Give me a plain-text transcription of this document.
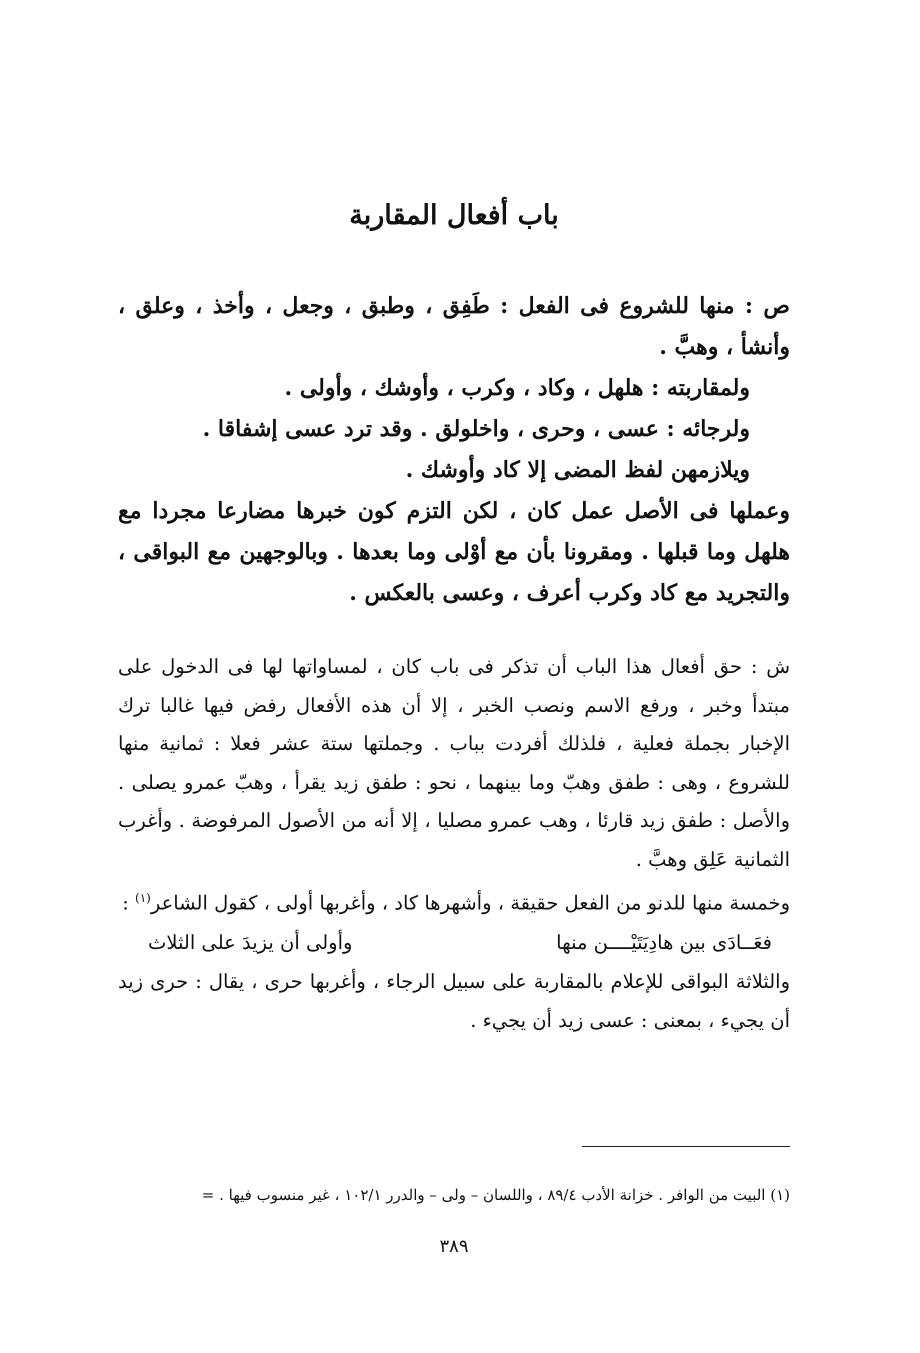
باب أفعال المقاربة

ص : منها للشروع فى الفعل : طَفِق ، وطبق ، وجعل ، وأخذ ، وعلق ، وأنشأ ، وهبَّ .

ولمقاربته : هلهل ، وكاد ، وكرب ، وأوشك ، وأولى .

ولرجائه : عسى ، وحرى ، واخلولق . وقد ترد عسى إشفاقا .

ويلازمهن لفظ المضى إلا كاد وأوشك .

وعملها فى الأصل عمل كان ، لكن التزم كون خبرها مضارعا مجردا مع هلهل وما قبلها . ومقرونا بأن مع أوْلى وما بعدها . وبالوجهين مع البواقى ، والتجريد مع كاد وكرب أعرف ، وعسى بالعكس .

ش : حق أفعال هذا الباب أن تذكر فى باب كان ، لمساواتها لها فى الدخول على مبتدأ وخبر ، ورفع الاسم ونصب الخبر ، إلا أن هذه الأفعال رفض فيها غالبا ترك الإخبار بجملة فعلية ، فلذلك أفردت بباب . وجملتها ستة عشر فعلا : ثمانية منها للشروع ، وهى : طفق وهبّ وما بينهما ، نحو : طفق زيد يقرأ ، وهبّ عمرو يصلى . والأصل : طفق زيد قارئا ، وهب عمرو مصليا ، إلا أنه من الأصول المرفوضة . وأغرب الثمانية عَلِق وهبَّ .

وخمسة منها للدنو من الفعل حقيقة ، وأشهرها كاد ، وأغربها أولى ، كقول الشاعر$^{(١)}$ :

فعَــادَى بين هادِيَتَيْــــن منها
وأولى أن يزيدَ على الثلاث

والثلاثة البواقى للإعلام بالمقاربة على سبيل الرجاء ، وأغربها حرى ، يقال : حرى زيد أن يجيء ، بمعنى : عسى زيد أن يجيء .

(١) البيت من الوافر . خزانة الأدب ٨٩/٤ ، واللسان – ولى – والدرر ١٠٢/١ ، غير منسوب فيها . =
٣٨٩
